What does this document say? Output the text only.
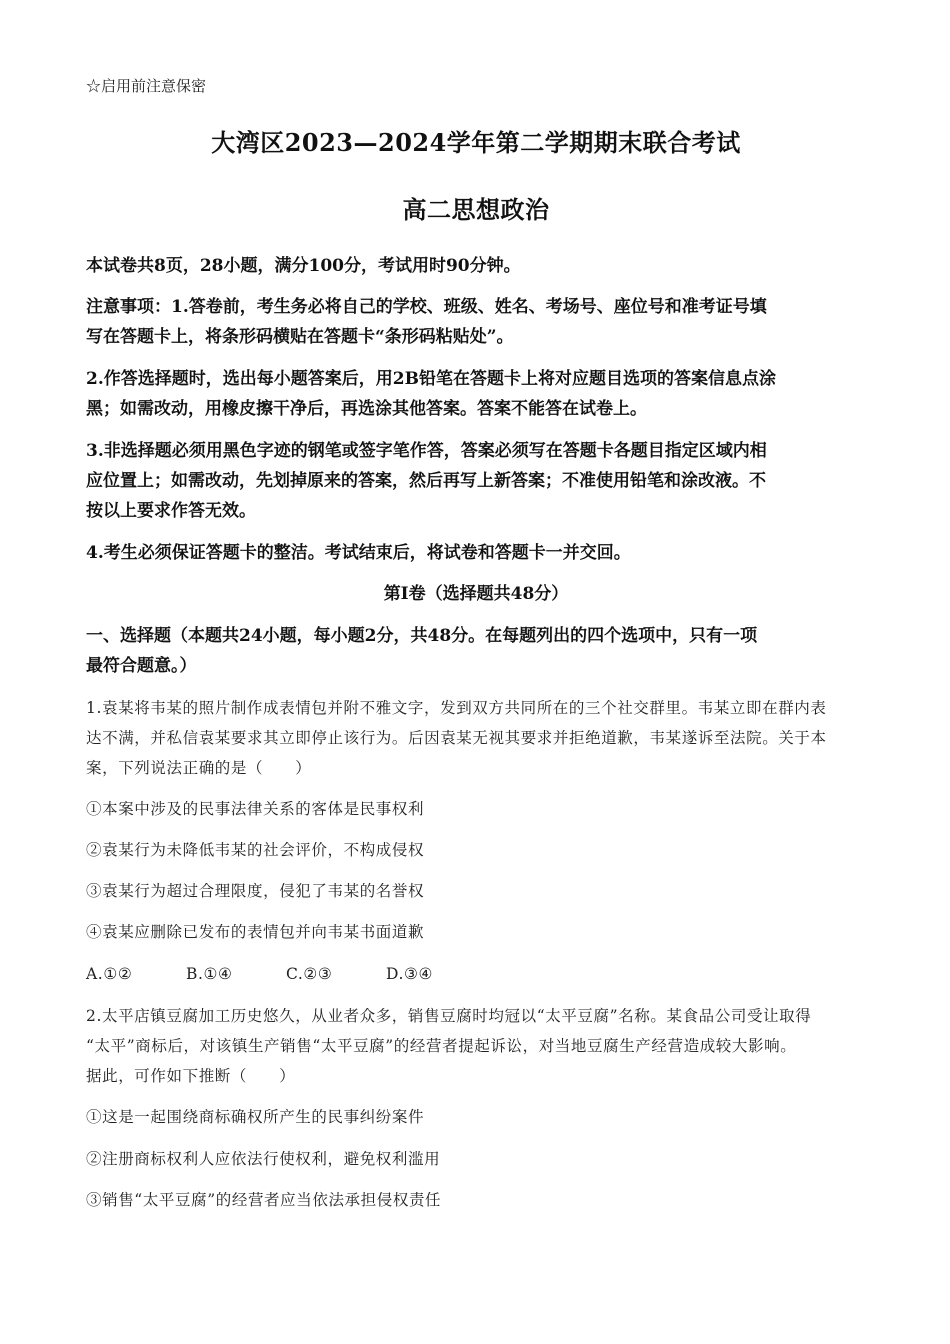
☆启用前注意保密
大湾区2023—2024学年第二学期期末联合考试
高二思想政治
本试卷共8页，28小题，满分100分，考试用时90分钟。
注意事项：1.答卷前，考生务必将自己的学校、班级、姓名、考场号、座位号和准考证号填
写在答题卡上，将条形码横贴在答题卡“条形码粘贴处”。
2.作答选择题时，选出每小题答案后，用2B铅笔在答题卡上将对应题目选项的答案信息点涂
黑；如需改动，用橡皮擦干净后，再选涂其他答案。答案不能答在试卷上。
3.非选择题必须用黑色字迹的钢笔或签字笔作答，答案必须写在答题卡各题目指定区域内相
应位置上；如需改动，先划掉原来的答案，然后再写上新答案；不准使用铅笔和涂改液。不
按以上要求作答无效。
4.考生必须保证答题卡的整洁。考试结束后，将试卷和答题卡一并交回。
第Ⅰ卷（选择题共48分）
一、选择题（本题共24小题，每小题2分，共48分。在每题列出的四个选项中，只有一项
最符合题意。）
1.袁某将韦某的照片制作成表情包并附不雅文字，发到双方共同所在的三个社交群里。韦某立即在群内表
达不满，并私信袁某要求其立即停止该行为。后因袁某无视其要求并拒绝道歉，韦某遂诉至法院。关于本
案，下列说法正确的是（　　）
①本案中涉及的民事法律关系的客体是民事权利
②袁某行为未降低韦某的社会评价，不构成侵权
③袁某行为超过合理限度，侵犯了韦某的名誉权
④袁某应删除已发布的表情包并向韦某书面道歉
A.①②	B.①④	C.②③	D.③④
2.太平店镇豆腐加工历史悠久，从业者众多，销售豆腐时均冠以“太平豆腐”名称。某食品公司受让取得
“太平”商标后，对该镇生产销售“太平豆腐”的经营者提起诉讼，对当地豆腐生产经营造成较大影响。
据此，可作如下推断（　　）
①这是一起围绕商标确权所产生的民事纠纷案件
②注册商标权利人应依法行使权利，避免权利滥用
③销售“太平豆腐”的经营者应当依法承担侵权责任
